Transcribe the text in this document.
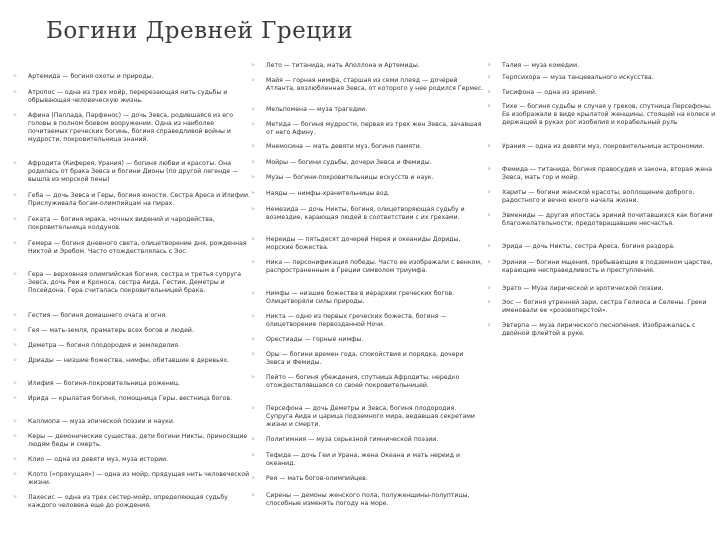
Богини Древней Греции
▹ Артемида — богиня охоты и природы.
▹ Атропос — одна из трех мойр, перерезающая нить судьбы и обрывающая человеческую жизнь.
▹ Афина (Паллада, Парфенос) — дочь Зевса, родившаяся из его головы в полном боевом вооружении. Одна из наиболее почитаемых греческих богинь, богиня справедливой войны и мудрости, покровительница знаний.
▹ Афродита (Киферея, Урания) — богиня любви и красоты. Она родилась от брака Зевса и богини Дионы (по другой легенде — вышла из морской пены)
▹ Геба — дочь Зевса и Геры, богиня юности. Сестра Ареса и Илифии. Прислуживала богам-олимпийцам на пирах.
▹ Геката — богиня мрака, ночных видений и чародейства, покровительница колдунов.
▹ Гемера — богиня дневного света, олицетворение дня, рожденная Никтой и Эребом. Часто отождествлялась с Эос.
▹ Гера — верховная олимпийская богиня, сестра и третья супруга Зевса, дочь Реи и Кроноса, сестра Аида, Гестии, Деметры и Посейдона. Гера считалась покровительницей брака.
▹ Гестия — богиня домашнего очага и огня.
▹ Гея — мать-земля, праматерь всех богов и людей.
▹ Деметра — богиня плодородия и земледелия.
▹ Дриады — низшие божества, нимфы, обитавшие в деревьях.
▹ Илифия — богиня-покровительница рожениц.
▹ Ирида — крылатая богиня, помощница Геры, вестница богов.
▹ Каллиопа — муза эпической поэзии и науки.
▹ Керы — демонические существа, дети богини Никты, приносящие людям беды и смерть.
▹ Клио — одна из девяти муз, муза истории.
▹ Клото («пряхущая») — одна из мойр, прядущая нить человеческой жизни.
▹ Лахесис — одна из трех сестер-мойр, определяющая судьбу каждого человека еще до рождения.
▹ Лето — титанида, мать Аполлона и Артемиды.
▹ Майя — горная нимфа, старшая из семи плеяд — дочерей Атланта, возлюбленная Зевса, от которого у нее родился Гермес.
▹ Мельпомена — муза трагедии.
▹ Метида — богиня мудрости, первая из трех жен Зевса, зачавшая от него Афину.
▹ Мнемосина — мать девяти муз, богиня памяти.
▹ Мойры — богини судьбы, дочери Зевса и Фемиды.
▹ Музы — богини-покровительницы искусств и наук.
▹ Наяды — нимфы-хранительницы вод.
▹ Немезида — дочь Никты, богиня, олицетворяющая судьбу и возмездие, карающая людей в соответствии с их грехами.
▹ Нереиды — пятьдесят дочерей Нерея и океаниды Дориды, морские божества.
▹ Ника — персонификация победы. Часто ее изображали с венком, распространенным в Греции символом триумфа.
▹ Нимфы — низшие божества в иерархии греческих богов. Олицетворяли силы природы.
▹ Никта — одно из первых греческих божеств, богиня — олицетворение первозданной Ночи.
▹ Орестиады — горные нимфы.
▹ Оры — богини времен года, спокойствия и порядка, дочери Зевса и Фемиды.
▹ Пейто — богиня убеждения, спутница Афродиты, нередко отождествлявшаяся со своей покровительницей.
▹ Персефона — дочь Деметры и Зевса, богиня плодородия. Супруга Аида и царица подземного мира, ведавшая секретами жизни и смерти.
▹ Полигимния — муза серьезной гимнической поэзии.
▹ Тефида — дочь Геи и Урана, жена Океана и мать нереид и океанид.
▹ Рея — мать богов-олимпийцев.
▹ Сирены — демоны женского пола, полуженщины-полуптицы, способные изменять погоду на море.
▹ Талия — муза комедии.
▹ Терпсихора — муза танцевального искусства.
▹ Тисифона — одна из эриний.
▹ Тихе — богиня судьбы и случая у греков, спутница Персефоны. Ее изображали в виде крылатой женщины, стоящей на колесе и держащей в руках рог изобилия и корабельный руль
▹ Урания — одна из девяти муз, покровительница астрономии.
▹ Фемида — титанида, богиня правосудия и закона, вторая жена Зевса, мать гор и мойр.
▹ Хариты — богини женской красоты, воплощение доброго, радостного и вечно юного начала жизни.
▹ Эвмениды — другая ипостась эриний почитавшихся как богини благожелательности, предотвращавшие несчастья.
▹ Эрида — дочь Никты, сестра Ареса, богиня раздора.
▹ Эринии — богини мщения, пребывающие в подземном царстве, карающие несправедливость и преступления.
▹ Эрато — Муза лирической и эротической поэзии.
▹ Эос — богиня утренней зари, сестра Гелиоса и Селены. Греки именовали ее «розовоперстой».
▹ Эвтерпа — муза лирического песнопения. Изображалась с двойной флейтой в руке.
